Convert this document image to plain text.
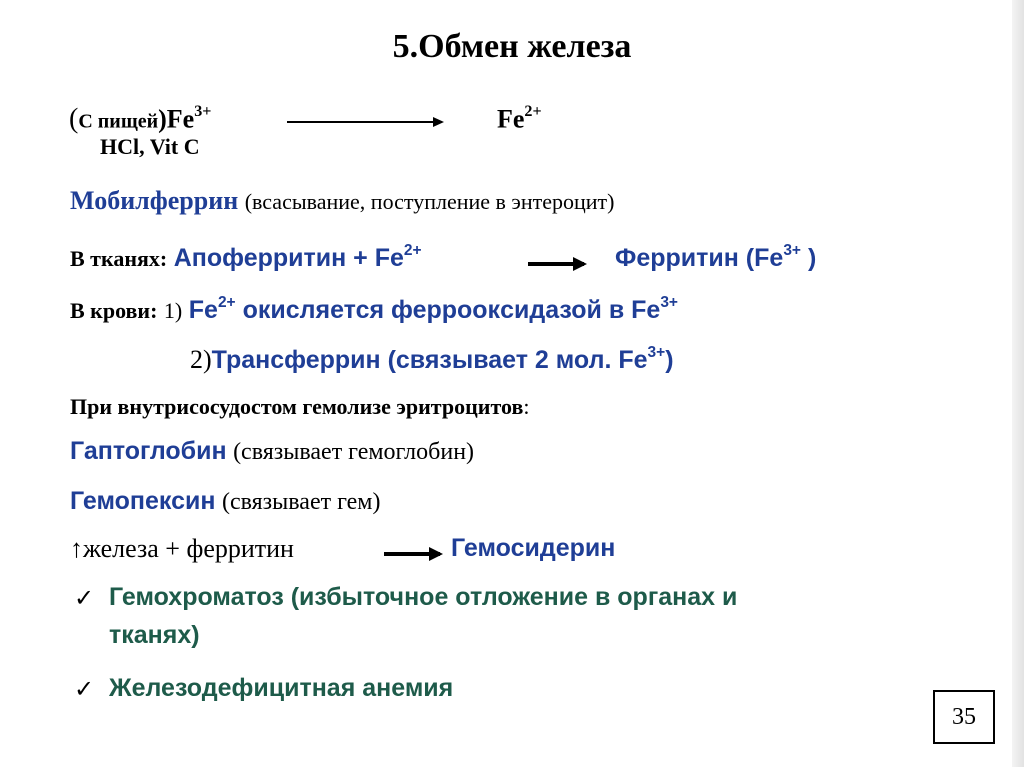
5.Обмен железа
(С $пищей)Fe^{3+}$	$Fe^{2+}$
HCl, Vit C
Мобилферрин (всасывание, поступление в энтероцит)
В тканях: Апоферритин + $Fe^{2+}$	Ферритин ($Fe^{3+}$ )
В крови: 1) $Fe^{2+}$ окисляется ферроокcидазой в $Fe^{3+}$
2)Трансферрин (связывает 2 мол. $Fe^{3+}$)
При внутрисосудостом гемолизе эритроцитов:
Гаптоглобин (связывает гемоглобин)
Гемопексин (связывает гем)
↑железа + ферритин	Гемосидерин
✓ Гемохроматоз (избыточное отложение в органах и
тканях)
✓ Железодефицитная анемия
35
